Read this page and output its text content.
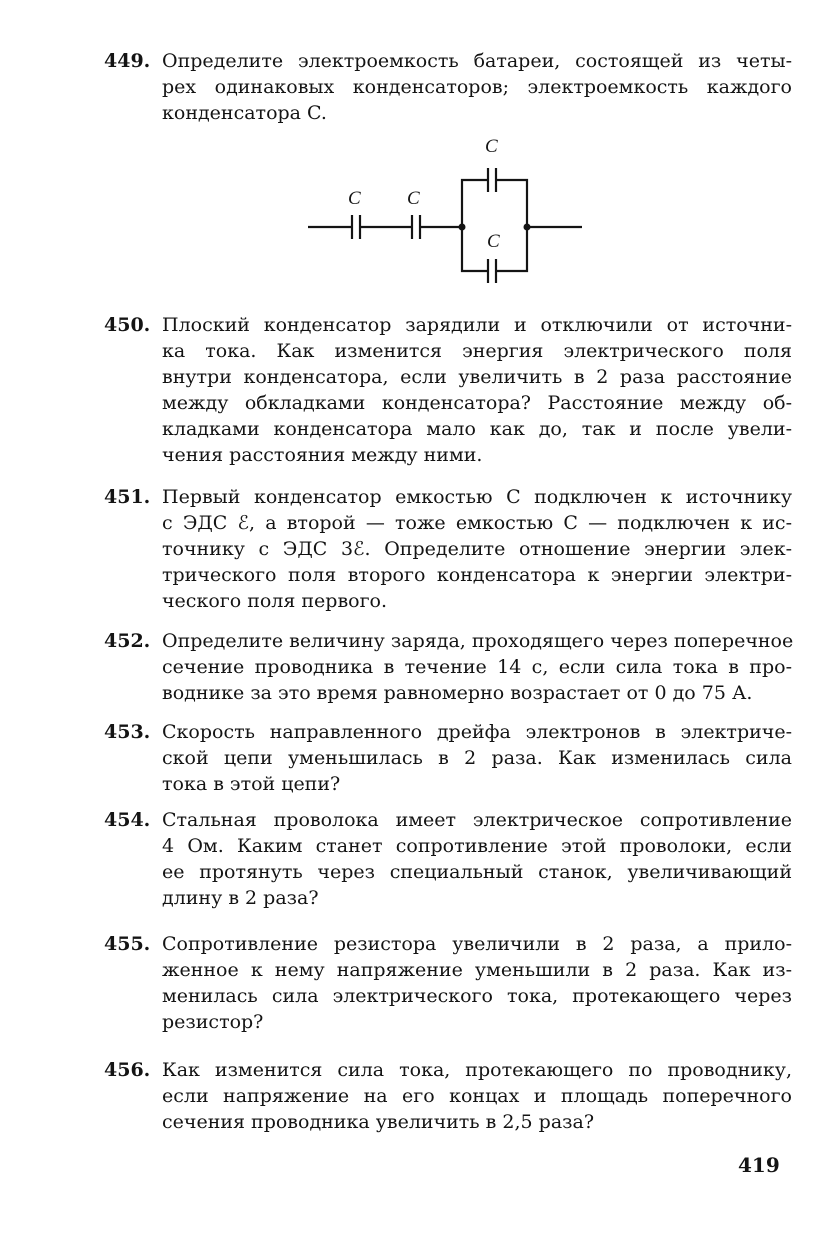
449. Определите электроемкость батареи, состоящей из четы-
рех одинаковых конденсаторов; электроемкость каждого
конденсатора C.
C C
C
C
450. Плоский конденсатор зарядили и отключили от источни-
ка тока. Как изменится энергия электрического поля
внутри конденсатора, если увеличить в 2 раза расстояние
между обкладками конденсатора? Расстояние между об-
кладками конденсатора мало как до, так и после увели-
чения расстояния между ними.
451. Первый конденсатор емкостью C подключен к источнику
с ЭДС ℰ, а второй — тоже емкостью C — подключен к ис-
точнику с ЭДС 3ℰ. Определите отношение энергии элек-
трического поля второго конденсатора к энергии электри-
ческого поля первого.
452. Определите величину заряда, проходящего через поперечное
сечение проводника в течение 14 с, если сила тока в про-
воднике за это время равномерно возрастает от 0 до 75 А.
453. Скорость направленного дрейфа электронов в электриче-
ской цепи уменьшилась в 2 раза. Как изменилась сила
тока в этой цепи?
454. Стальная проволока имеет электрическое сопротивление
4 Ом. Каким станет сопротивление этой проволоки, если
ее протянуть через специальный станок, увеличивающий
длину в 2 раза?
455. Сопротивление резистора увеличили в 2 раза, а прило-
женное к нему напряжение уменьшили в 2 раза. Как из-
менилась сила электрического тока, протекающего через
резистор?
456. Как изменится сила тока, протекающего по проводнику,
если напряжение на его концах и площадь поперечного
сечения проводника увеличить в 2,5 раза?
419
